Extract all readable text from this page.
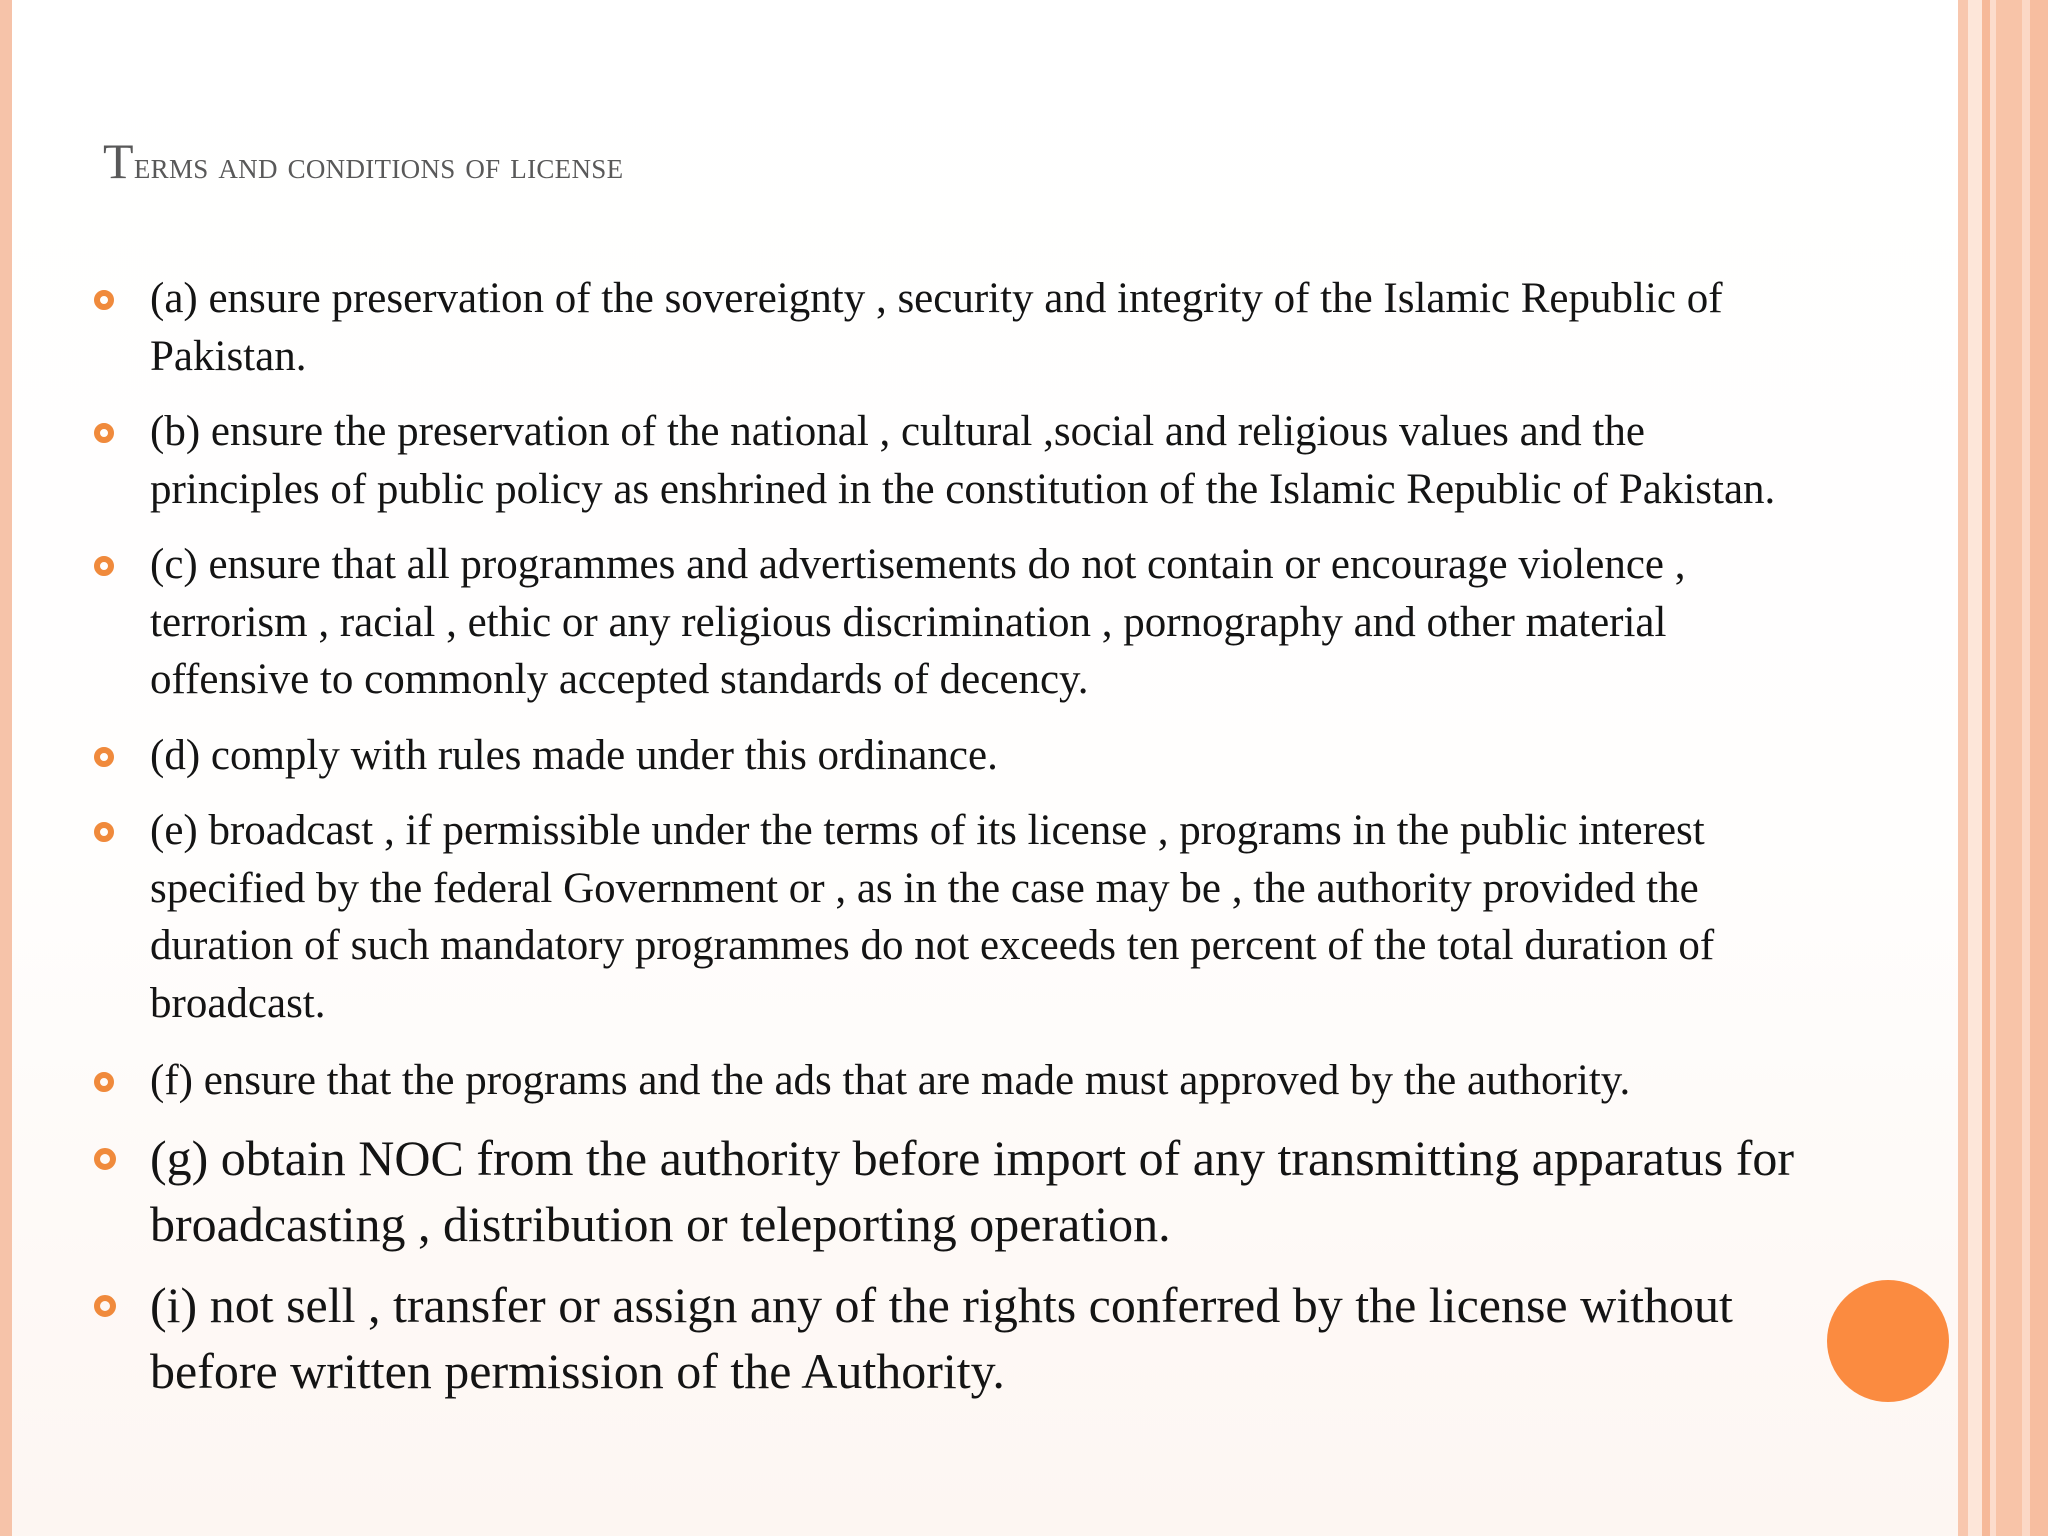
Terms and conditions of license
(a) ensure preservation of the sovereignty , security and integrity of the Islamic Republic of
Pakistan.
(b) ensure the preservation of the national , cultural ,social and religious values and the
principles of public policy as enshrined in the constitution of the Islamic Republic of Pakistan.
(c) ensure that all programmes and advertisements do not contain or encourage violence ,
terrorism , racial , ethic or any religious discrimination , pornography and other material
offensive to commonly accepted standards of decency.
(d) comply with rules made under this ordinance.
(e) broadcast , if permissible under the terms of its license , programs in the public interest
specified by the federal Government or , as in the case may be , the authority provided the
duration of such mandatory programmes do not exceeds ten percent of the total duration of
broadcast.
(f) ensure that the programs and the ads that are made must approved by the authority.
(g) obtain NOC from the authority before import of any transmitting apparatus for
broadcasting , distribution or teleporting operation.
(i) not sell , transfer or assign any of the rights conferred by the license without
before written permission of the Authority.
